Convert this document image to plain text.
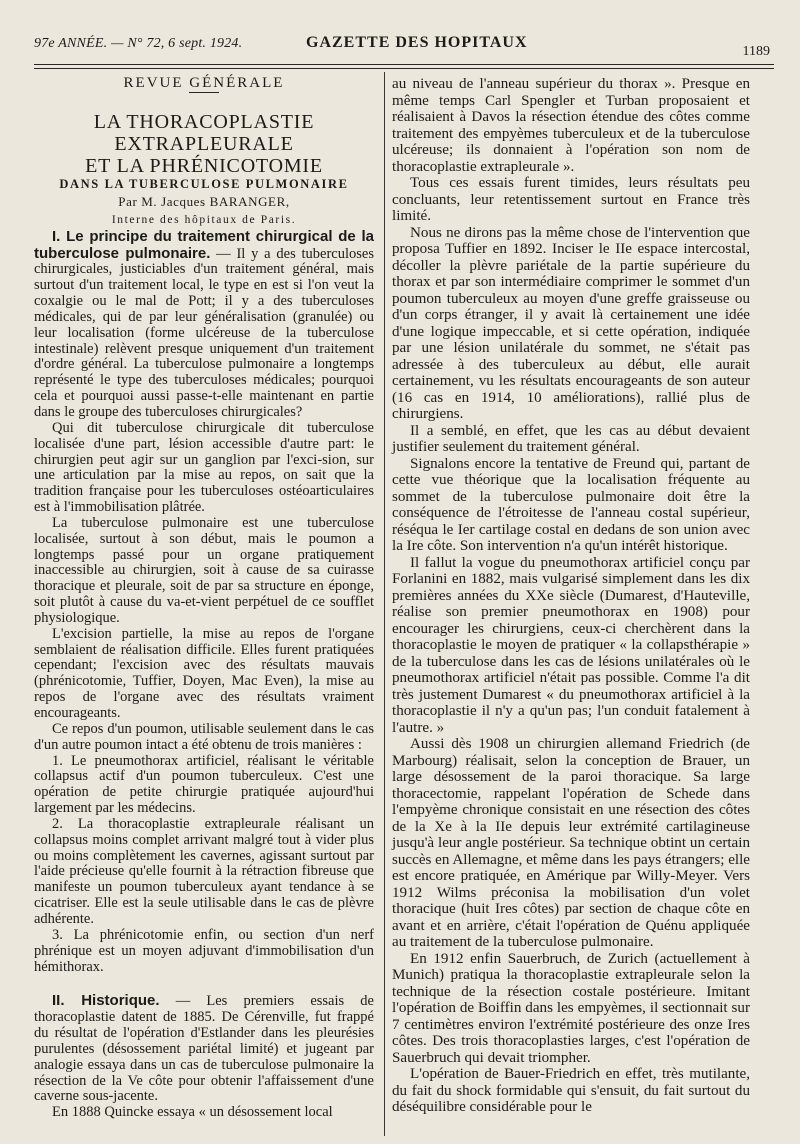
97e ANNÉE. — N° 72, 6 sept. 1924.	GAZETTE DES HOPITAUX
1189

REVUE GÉNÉRALE

LA THORACOPLASTIE EXTRAPLEURALE
ET LA PHRÉNICOTOMIE

DANS LA TUBERCULOSE PULMONAIRE

Par M. Jacques BARANGER,
Interne des hôpitaux de Paris.

I. Le principe du traitement chirurgical de la tuberculose pulmonaire. — Il y a des tuberculoses chirurgicales, justiciables d'un traitement général, mais surtout d'un traitement local, le type en est si l'on veut la coxalgie ou le mal de Pott; il y a des tuberculoses médicales, qui de par leur généralisation (granulée) ou leur localisation (forme ulcéreuse de la tuberculose intestinale) relèvent presque uniquement d'un traitement d'ordre général. La tuberculose pulmonaire a longtemps représenté le type des tuberculoses médicales; pourquoi cela et pourquoi aussi passe-t-elle maintenant en partie dans le groupe des tuberculoses chirurgicales?

Qui dit tuberculose chirurgicale dit tuberculose localisée d'une part, lésion accessible d'autre part: le chirurgien peut agir sur un ganglion par l'exci-sion, sur une articulation par la mise au repos, on sait que la tradition française pour les tuberculoses ostéoarticulaires est à l'immobilisation plâtrée.

La tuberculose pulmonaire est une tuberculose localisée, surtout à son début, mais le poumon a longtemps passé pour un organe pratiquement inaccessible au chirurgien, soit à cause de sa cuirasse thoracique et pleurale, soit de par sa structure en éponge, soit plutôt à cause du va-et-vient perpétuel de ce soufflet physiologique.

L'excision partielle, la mise au repos de l'organe semblaient de réalisation difficile. Elles furent pratiquées cependant; l'excision avec des résultats mauvais (phrénicotomie, Tuffier, Doyen, Mac Even), la mise au repos de l'organe avec des résultats vraiment encourageants.

Ce repos d'un poumon, utilisable seulement dans le cas d'un autre poumon intact a été obtenu de trois manières :

1. Le pneumothorax artificiel, réalisant le véritable collapsus actif d'un poumon tuberculeux. C'est une opération de petite chirurgie pratiquée aujourd'hui largement par les médecins.

2. La thoracoplastie extrapleurale réalisant un collapsus moins complet arrivant malgré tout à vider plus ou moins complètement les cavernes, agissant surtout par l'aide précieuse qu'elle fournit à la rétraction fibreuse que manifeste un poumon tuberculeux ayant tendance à se cicatriser. Elle est la seule utilisable dans le cas de plèvre adhérente.

3. La phrénicotomie enfin, ou section d'un nerf phrénique est un moyen adjuvant d'immobilisation d'un hémithorax.

II. Historique. — Les premiers essais de thoracoplastie datent de 1885. De Cérenville, fut frappé du résultat de l'opération d'Estlander dans les pleurésies purulentes (désossement pariétal limité) et jugeant par analogie essaya dans un cas de tuberculose pulmonaire la résection de la Ve côte pour obtenir l'affaissement d'une caverne sous-jacente.

En 1888 Quincke essaya « un désossement local

au niveau de l'anneau supérieur du thorax ». Presque en même temps Carl Spengler et Turban proposaient et réalisaient à Davos la résection étendue des côtes comme traitement des empyèmes tuberculeux et de la tuberculose ulcéreuse; ils donnaient à l'opération son nom de thoracoplastie extrapleurale ».

Tous ces essais furent timides, leurs résultats peu concluants, leur retentissement surtout en France très limité.

Nous ne dirons pas la même chose de l'intervention que proposa Tuffier en 1892. Inciser le IIe espace intercostal, décoller la plèvre pariétale de la partie supérieure du thorax et par son intermédiaire comprimer le sommet d'un poumon tuberculeux au moyen d'une greffe graisseuse ou d'un corps étranger, il y avait là certainement une idée d'une logique impeccable, et si cette opération, indiquée par une lésion unilatérale du sommet, ne s'était pas adressée à des tuberculeux au début, elle aurait certainement, vu les résultats encourageants de son auteur (16 cas en 1914, 10 améliorations), rallié plus de chirurgiens.

Il a semblé, en effet, que les cas au début devaient justifier seulement du traitement général.

Signalons encore la tentative de Freund qui, partant de cette vue théorique que la localisation fréquente au sommet de la tuberculose pulmonaire doit être la conséquence de l'étroitesse de l'anneau costal supérieur, réséqua le Ier cartilage costal en dedans de son union avec la Ire côte. Son intervention n'a qu'un intérêt historique.

Il fallut la vogue du pneumothorax artificiel conçu par Forlanini en 1882, mais vulgarisé simplement dans les dix premières années du XXe siècle (Dumarest, d'Hauteville, réalise son premier pneumothorax en 1908) pour encourager les chirurgiens, ceux-ci cherchèrent dans la thoracoplastie le moyen de pratiquer « la collapsthérapie » de la tuberculose dans les cas de lésions unilatérales où le pneumothorax artificiel n'était pas possible. Comme l'a dit très justement Dumarest « du pneumothorax artificiel à la thoracoplastie il n'y a qu'un pas; l'un conduit fatalement à l'autre. »

Aussi dès 1908 un chirurgien allemand Friedrich (de Marbourg) réalisait, selon la conception de Brauer, un large désossement de la paroi thoracique. Sa large thoracectomie, rappelant l'opération de Schede dans l'empyème chronique consistait en une résection des côtes de la Xe à la IIe depuis leur extrémité cartilagineuse jusqu'à leur angle postérieur. Sa technique obtint un certain succès en Allemagne, et même dans les pays étrangers; elle est encore pratiquée, en Amérique par Willy-Meyer. Vers 1912 Wilms préconisa la mobilisation d'un volet thoracique (huit Ires côtes) par section de chaque côte en avant et en arrière, c'était l'opération de Quénu appliquée au traitement de la tuberculose pulmonaire.

En 1912 enfin Sauerbruch, de Zurich (actuellement à Munich) pratiqua la thoracoplastie extrapleurale selon la technique de la résection costale postérieure. Imitant l'opération de Boiffin dans les empyèmes, il sectionnait sur 7 centimètres environ l'extrémité postérieure des onze Ires côtes. Des trois thoracoplasties larges, c'est l'opération de Sauerbruch qui devait triompher.

L'opération de Bauer-Friedrich en effet, très mutilante, du fait du shock formidable qui s'ensuit, du fait surtout du déséquilibre considérable pour le
